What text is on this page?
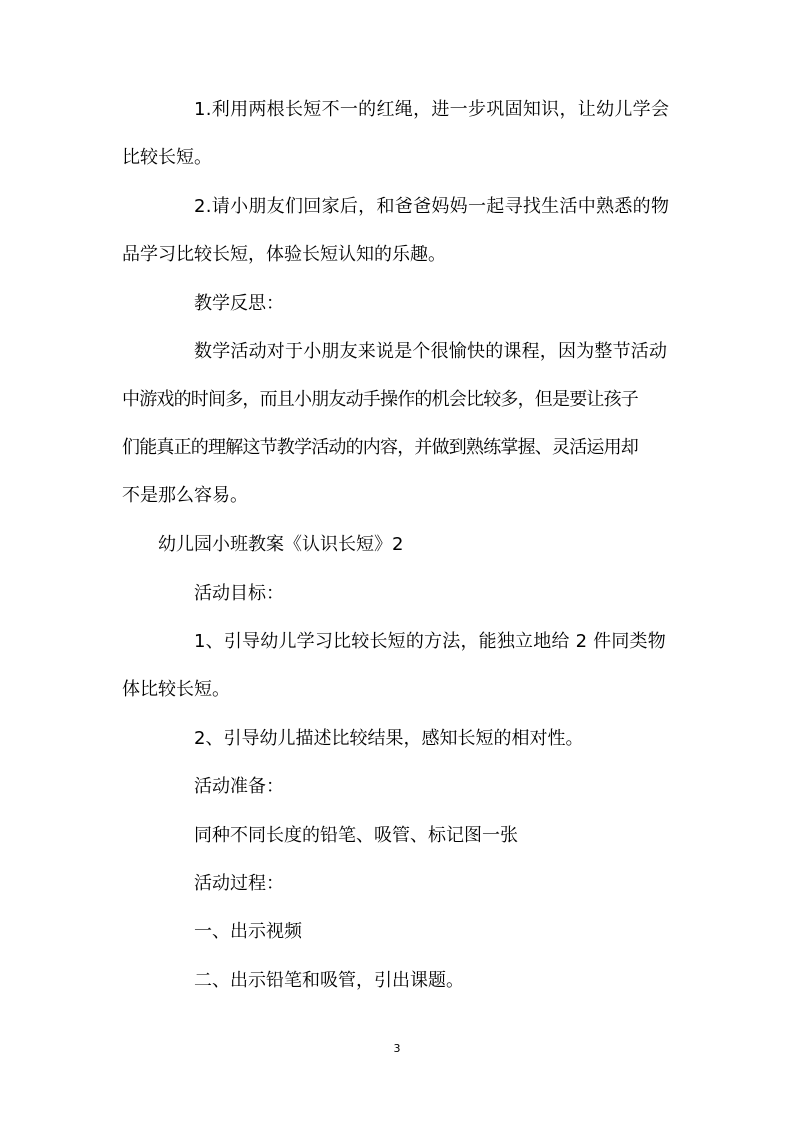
1.利用两根长短不一的红绳，进一步巩固知识，让幼儿学会
比较长短。
2.请小朋友们回家后，和爸爸妈妈一起寻找生活中熟悉的物
品学习比较长短，体验长短认知的乐趣。
教学反思：
数学活动对于小朋友来说是个很愉快的课程，因为整节活动
中游戏的时间多，而且小朋友动手操作的机会比较多，但是要让孩子
们能真正的理解这节教学活动的内容，并做到熟练掌握、灵活运用却
不是那么容易。
幼儿园小班教案《认识长短》2
活动目标：
1、引导幼儿学习比较长短的方法，能独立地给 2 件同类物
体比较长短。
2、引导幼儿描述比较结果，感知长短的相对性。
活动准备：
同种不同长度的铅笔、吸管、标记图一张
活动过程：
一、出示视频
二、出示铅笔和吸管，引出课题。
3
